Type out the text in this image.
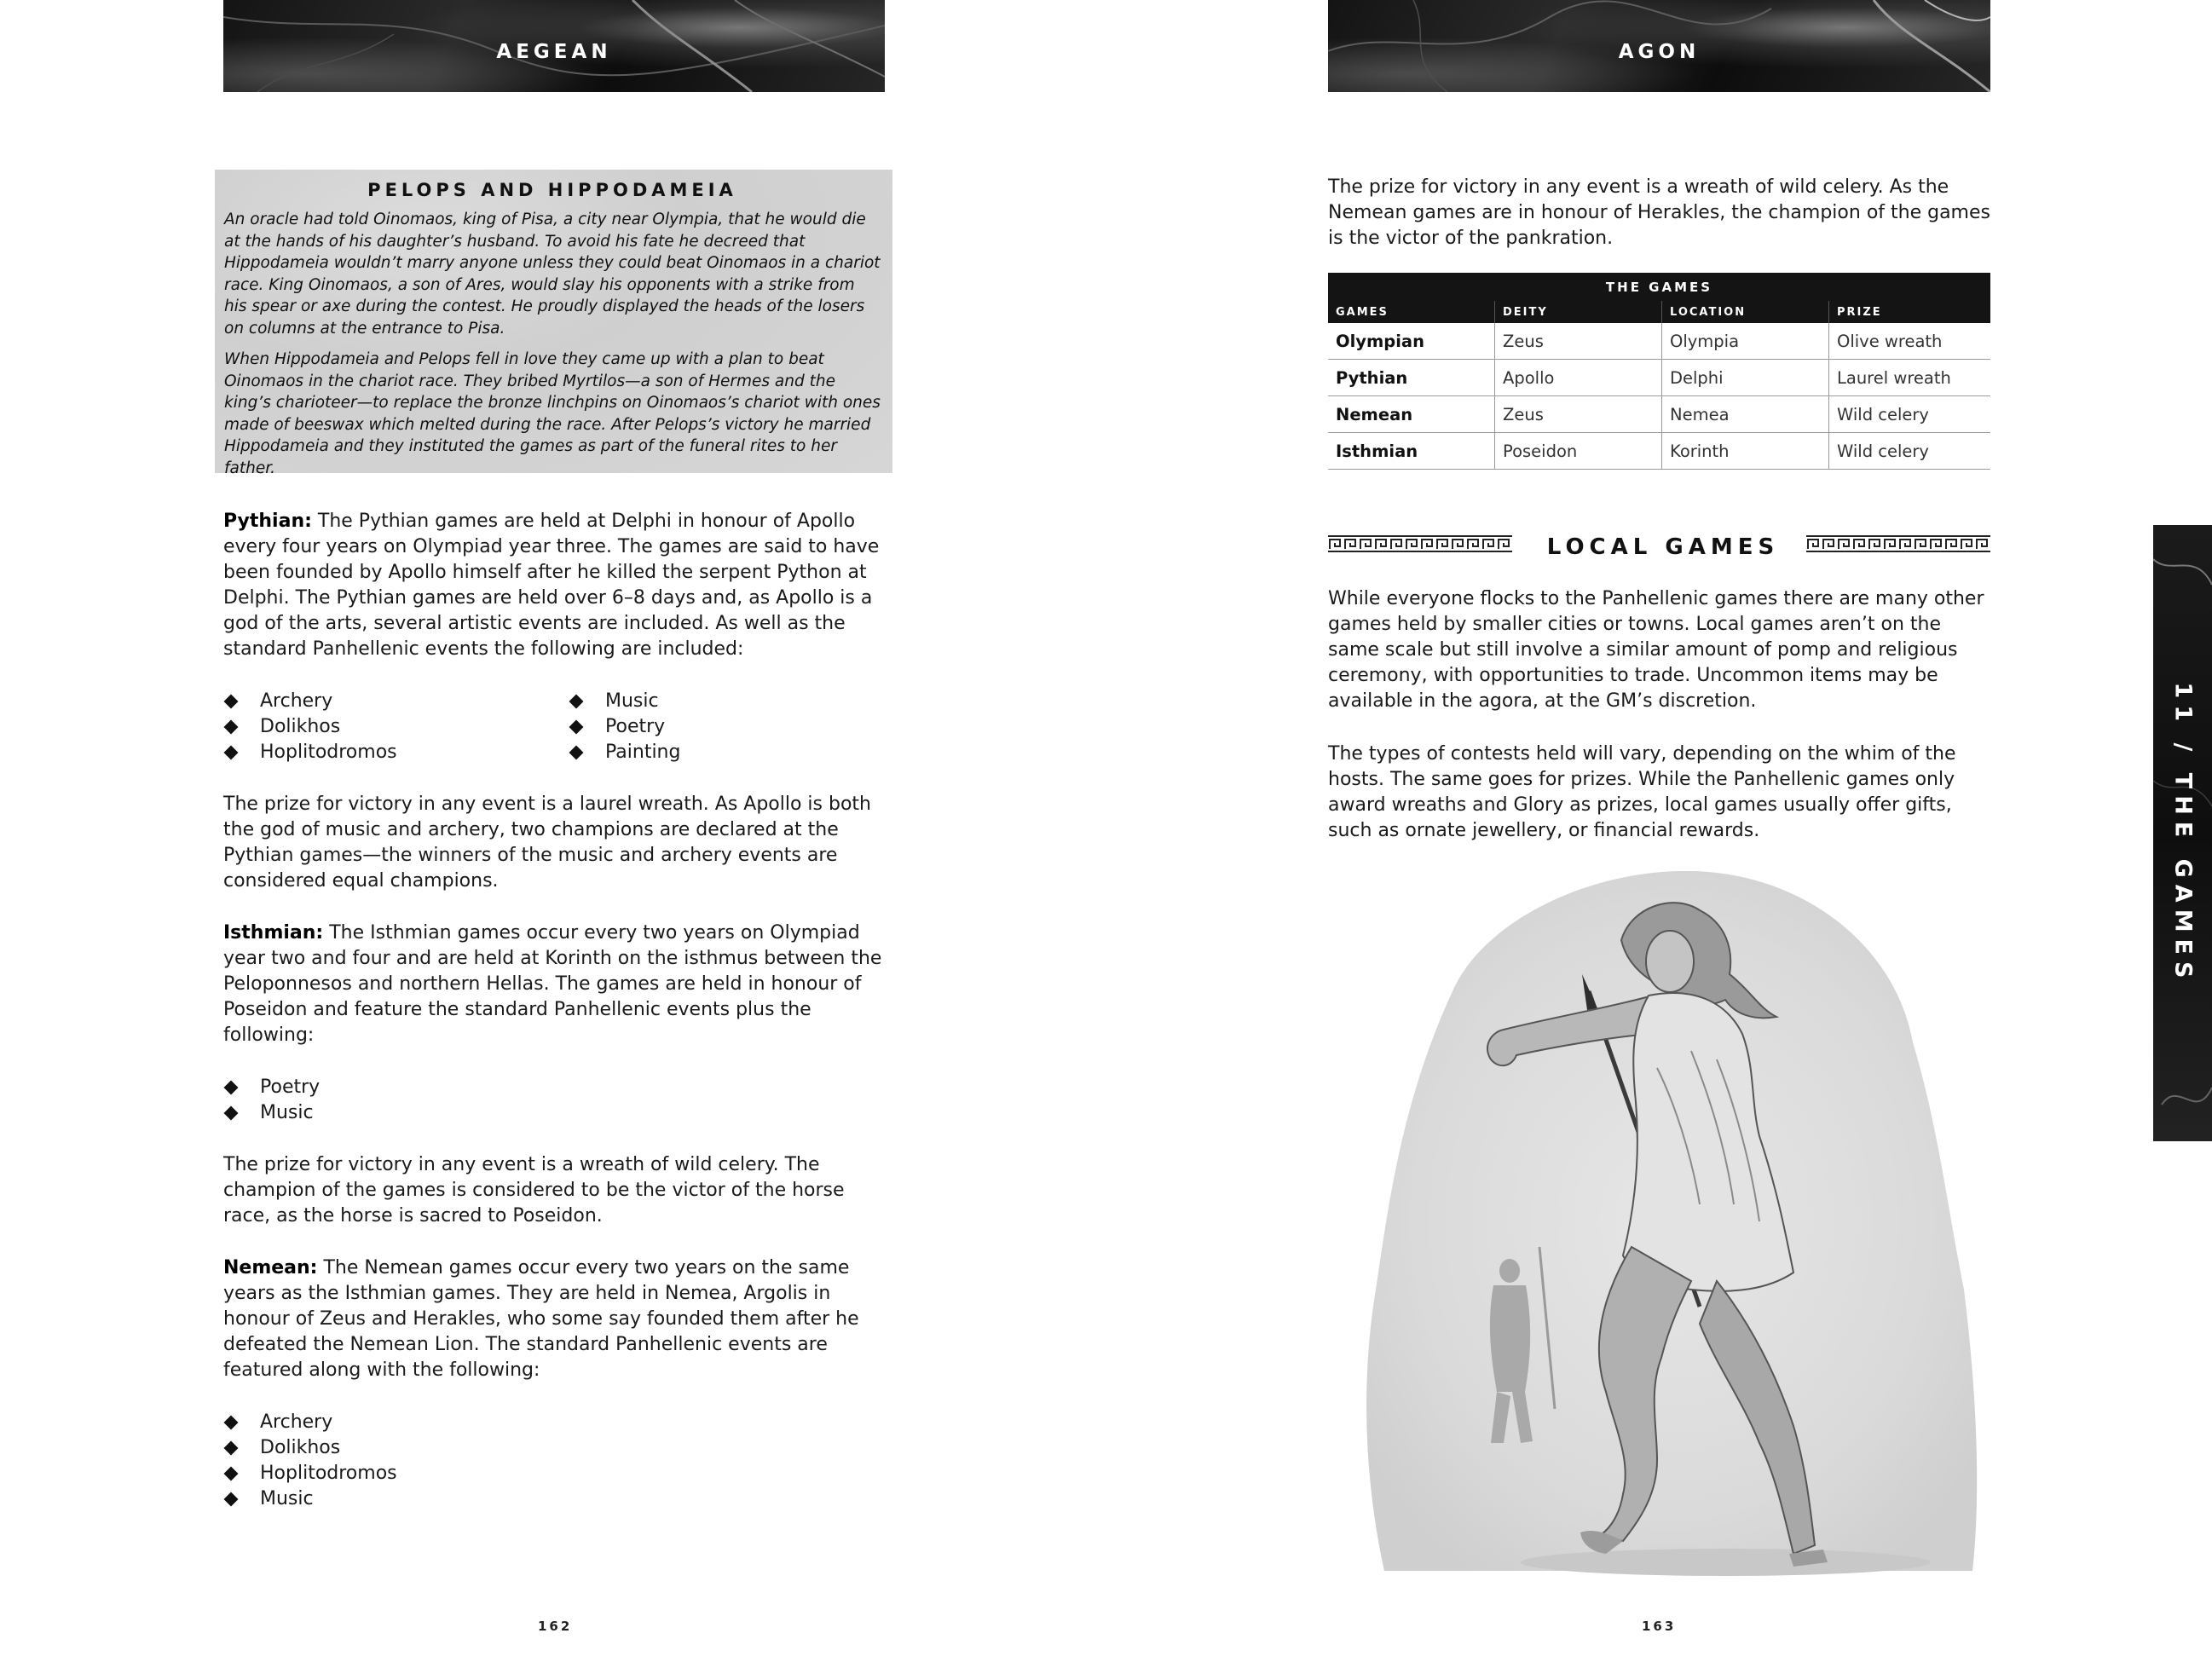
AEGEAN
PELOPS AND HIPPODAMEIA

An oracle had told Oinomaos, king of Pisa, a city near Olympia, that he would die at the hands of his daughter’s husband. To avoid his fate he decreed that Hippodameia wouldn’t marry anyone unless they could beat Oinomaos in a chariot race. King Oinomaos, a son of Ares, would slay his opponents with a strike from his spear or axe during the contest. He proudly displayed the heads of the losers on columns at the entrance to Pisa.

When Hippodameia and Pelops fell in love they came up with a plan to beat Oinomaos in the chariot race. They bribed Myrtilos—a son of Hermes and the king’s charioteer—to replace the bronze linchpins on Oinomaos’s chariot with ones made of beeswax which melted during the race. After Pelops’s victory he married Hippodameia and they instituted the games as part of the funeral rites to her father.

Pythian: The Pythian games are held at Delphi in honour of Apollo every four years on Olympiad year three. The games are said to have been founded by Apollo himself after he killed the serpent Python at Delphi. The Pythian games are held over 6–8 days and, as Apollo is a god of the arts, several artistic events are included. As well as the standard Panhellenic events the following are included:

Archery
Dolikhos
Hoplitodromos
Music
Poetry
Painting

The prize for victory in any event is a laurel wreath. As Apollo is both the god of music and archery, two champions are declared at the Pythian games—the winners of the music and archery events are considered equal champions.

Isthmian: The Isthmian games occur every two years on Olympiad year two and four and are held at Korinth on the isthmus between the Peloponnesos and northern Hellas. The games are held in honour of Poseidon and feature the standard Panhellenic events plus the following:

Poetry
Music

The prize for victory in any event is a wreath of wild celery. The champion of the games is considered to be the victor of the horse race, as the horse is sacred to Poseidon.

Nemean: The Nemean games occur every two years on the same years as the Isthmian games. They are held in Nemea, Argolis in honour of Zeus and Herakles, who some say founded them after he defeated the Nemean Lion. The standard Panhellenic events are featured along with the following:

Archery
Dolikhos
Hoplitodromos
Music
162
AGON

The prize for victory in any event is a wreath of wild celery. As the Nemean games are in honour of Herakles, the champion of the games is the victor of the pankration.

THE GAMES			
GAMES	DEITY	LOCATION	PRIZE
Olympian	Zeus	Olympia	Olive wreath
Pythian	Apollo	Delphi	Laurel wreath
Nemean	Zeus	Nemea	Wild celery
Isthmian	Poseidon	Korinth	Wild celery
LOCAL GAMES

While everyone flocks to the Panhellenic games there are many other games held by smaller cities or towns. Local games aren’t on the same scale but still involve a similar amount of pomp and religious ceremony, with opportunities to trade. Uncommon items may be available in the agora, at the GM’s discretion.

The types of contests held will vary, depending on the whim of the hosts. The same goes for prizes. While the Panhellenic games only award wreaths and Glory as prizes, local games usually offer gifts, such as ornate jewellery, or financial rewards.	11 / THE GAMES
163
